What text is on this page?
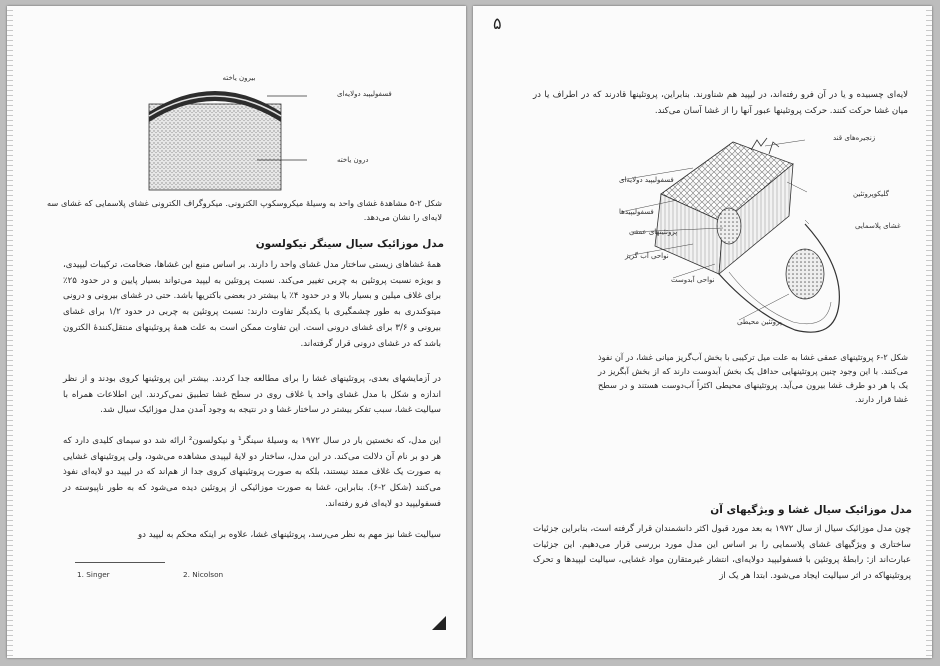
بیرون یاخته
فسفولیپید دولایه‌ای
درون یاخته

شکل ۲-۵ مشاهدۀ غشای واحد به وسیلۀ میکروسکوپ الکترونی. میکروگراف الکترونی غشای پلاسمایی که غشای سه لایه‌ای را نشان می‌دهد.

مدل موزائیک سیال سینگر نیکولسون

همۀ غشاهای زیستی ساختار مدل غشای واحد را دارند. بر اساس منبع این غشاها، ضخامت، ترکیبات لیپیدی، و بویژه نسبت پروتئین به چربی تغییر می‌کند. نسبت پروتئین به لیپید می‌تواند بسیار پایین و در حدود ۲۵٪ برای غلاف میلین و بسیار بالا و در حدود ۴٪ یا بیشتر در بعضی باکتریها باشد. حتی در غشای بیرونی و درونی میتوکندری به طور چشمگیری با یکدیگر تفاوت دارند: نسبت پروتئین به چربی در حدود ۱/۲ برای غشای بیرونی و ۳/۶ برای غشای درونی است. این تفاوت ممکن است به علت همۀ پروتئینهای منتقل‌کنندۀ الکترون باشد که در غشای درونی قرار گرفته‌اند.

در آزمایشهای بعدی، پروتئینهای غشا را برای مطالعه جدا کردند. بیشتر این پروتئینها کروی بودند و از نظر اندازه و شکل با مدل غشای واحد یا غلاف روی در سطح غشا تطبیق نمی‌کردند. این اطلاعات همراه با سیالیت غشا، سبب تفکر بیشتر در ساختار غشا و در نتیجه به وجود آمدن مدل موزائیک سیال شد.

این مدل، که نخستین بار در سال ۱۹۷۲ به وسیلۀ سینگر¹ و نیکولسون² ارائه شد دو سیمای کلیدی دارد که هر دو بر نام آن دلالت می‌کند. در این مدل، ساختار دو لایۀ لیپیدی مشاهده می‌شود، ولی پروتئینهای غشایی به صورت یک غلاف ممتد نیستند، بلکه به صورت پروتئینهای کروی جدا از هم‌اند که در لیپید دو لایه‌ای نفوذ می‌کنند (شکل ۲-۶). بنابراین، غشا به صورت موزائیکی از پروتئین دیده می‌شود که به طور ناپیوسته در فسفولیپید دو لایه‌ای فرو رفته‌اند.

سیالیت غشا نیز مهم به نظر می‌رسد، پروتئینهای غشا، علاوه بر اینکه محکم به لیپید دو

1. Singer	2. Nicolson
۵

لایه‌ای چسبیده و یا در آن فرو رفته‌اند، در لیپید هم شناورند. بنابراین، پروتئینها قادرند که در اطراف یا در میان غشا حرکت کنند. حرکت پروتئینها عبور آنها را از غشا آسان می‌کند.

زنجیره‌های قند
فسفولیپید دولایه‌ای
گلیکوپروتئین
فسفولیپید‌ها
غشای پلاسمایی
پروتئینهای عمقی
نواحی آب گریز
نواحی آبدوست
پروتئین محیطی

شکل ۲-۶ پروتئینهای عمقی غشا به علت میل ترکیبی با بخش آب‌گریز میانی غشا، در آن نفوذ می‌کنند. با این وجود چنین پروتئینهایی حداقل یک بخش آبدوست دارند که از بخش آبگریز در یک یا هر دو طرف غشا بیرون می‌آید. پروتئینهای محیطی اکثراً آب‌دوست هستند و در سطح غشا قرار دارند.

مدل موزائیک سیال غشا و ویژگیهای آن

چون مدل موزائیک سیال از سال ۱۹۷۲ به بعد مورد قبول اکثر دانشمندان قرار گرفته است، بنابراین جزئیات ساختاری و ویژگیهای غشای پلاسمایی را بر اساس این مدل مورد بررسی قرار می‌دهیم. این جزئیات عبارت‌اند از: رابطۀ پروتئین با فسفولیپید دولایه‌ای، انتشار غیرمتقارن مواد غشایی، سیالیت لیپیدها و تحرک پروتئینهاکه در اثر سیالیت ایجاد می‌شود. ابتدا هر یک از
